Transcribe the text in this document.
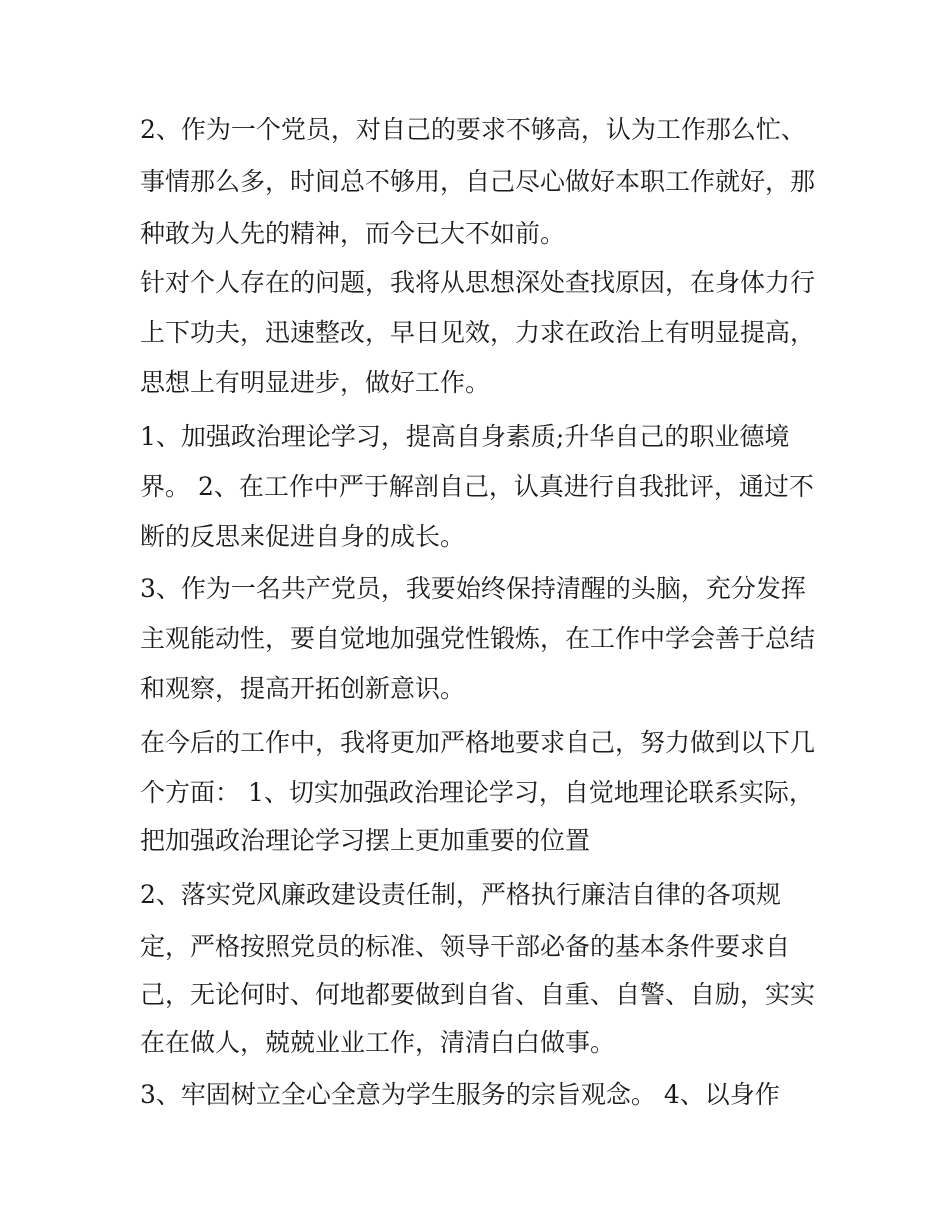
2、作为一个党员，对自己的要求不够高，认为工作那么忙、
事情那么多，时间总不够用，自己尽心做好本职工作就好，那
种敢为人先的精神，而今已大不如前。
针对个人存在的问题，我将从思想深处查找原因，在身体力行
上下功夫，迅速整改，早日见效，力求在政治上有明显提高，
思想上有明显进步，做好工作。
1、加强政治理论学习，提高自身素质;升华自己的职业德境
界。 2、在工作中严于解剖自己，认真进行自我批评，通过不
断的反思来促进自身的成长。
3、作为一名共产党员，我要始终保持清醒的头脑，充分发挥
主观能动性，要自觉地加强党性锻炼，在工作中学会善于总结
和观察，提高开拓创新意识。
在今后的工作中，我将更加严格地要求自己，努力做到以下几
个方面： 1、切实加强政治理论学习，自觉地理论联系实际，
把加强政治理论学习摆上更加重要的位置
2、落实党风廉政建设责任制，严格执行廉洁自律的各项规
定，严格按照党员的标准、领导干部必备的基本条件要求自
己，无论何时、何地都要做到自省、自重、自警、自励，实实
在在做人，兢兢业业工作，清清白白做事。
3、牢固树立全心全意为学生服务的宗旨观念。 4、以身作
